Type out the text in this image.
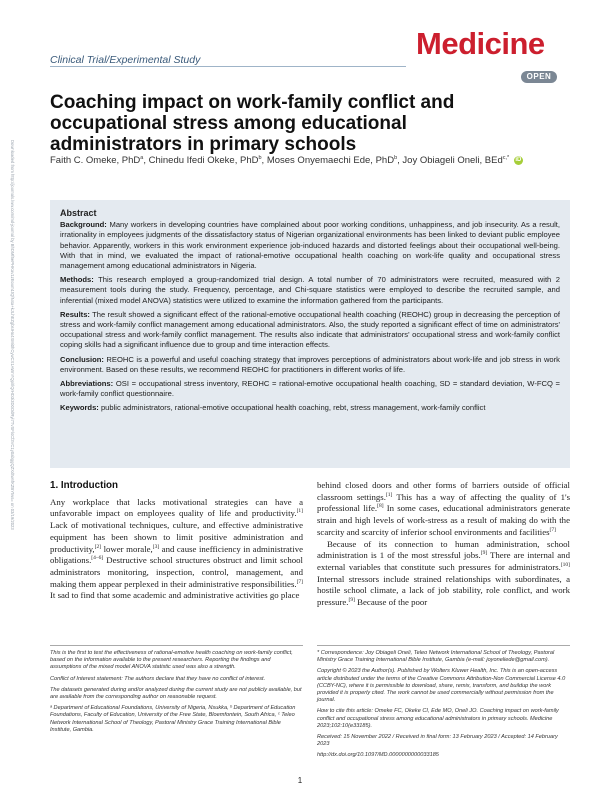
Downloaded from http://journals.lww.com/md-journal by BhDMf5ePHKav1zEoum1tQfN4a+kJLhEZgbsIHo4XMi0hCywCX1AWnYQp/IlQrHD3i3D0OdRyi7TvSFl4Cf3VC1y0abggQZXdtwnfKZBYtws= on 03/19/2023
Clinical Trial/Experimental Study	Medicine
OPEN
Coaching impact on work-family conflict and occupational stress among educational administrators in primary schools
Faith C. Omeke, PhD$^a$, Chinedu Ifedi Okeke, PhD$^b$, Moses Onyemaechi Ede, PhD$^b$, Joy Obiageli Oneli, BEd$^{c,*}$ iD
Abstract

Background: Many workers in developing countries have complained about poor working conditions, unhappiness, and job insecurity. As a result, irrationality in employees judgments of the dissatisfactory status of Nigerian organizational environments has been linked to deviant public employee behavior. Apparently, workers in this work environment experience job-induced hazards and distorted feelings about their occupational well-being. With that in mind, we evaluated the impact of rational-emotive occupational health coaching on work-life quality and occupational stress management among educational administrators in Nigeria.

Methods: This research employed a group-randomized trial design. A total number of 70 administrators were recruited, measured with 2 measurement tools during the study. Frequency, percentage, and Chi-square statistics were employed to describe the recruited sample, and inferential (mixed model ANOVA) statistics were utilized to examine the information gathered from the participants.

Results: The result showed a significant effect of the rational-emotive occupational health coaching (REOHC) group in decreasing the perception of stress and work-family conflict management among educational administrators. Also, the study reported a significant effect of time on administrators' occupational stress and work-family conflict management. The results also indicate that administrators' occupational stress and work-family conflict coping skills had a significant influence due to group and time interaction effects.

Conclusion: REOHC is a powerful and useful coaching strategy that improves perceptions of administrators about work-life and job stress in work environment. Based on these results, we recommend REOHC for practitioners in different works of life.

Abbreviations: OSI = occupational stress inventory, REOHC = rational-emotive occupational health coaching, SD = standard deviation, W-FCQ = work-family conflict questionnaire.

Keywords: public administrators, rational-emotive occupational health coaching, rebt, stress management, work-family conflict

1. Introduction

Any workplace that lacks motivational strategies can have a unfavorable impact on employees quality of life and productivity.[1] Lack of motivational techniques, culture, and effective administrative equipment has been shown to limit positive administration and productivity,[2] lower morale,[3] and cause inefficiency in administrative obligations.[4–6] Destructive school structures obstruct and limit school administrators monitoring, inspection, control, management, and making them appear perplexed in their administrative responsibilities.[7] It sad to find that some academic and administrative activities go place

behind closed doors and other forms of barriers outside of official classroom settings.[1] This has a way of affecting the quality of 1's professional life.[8] In some cases, educational administrators generate strain and high levels of work-stress as a result of making do with the scarcity and scarcity of inferior school environments and facilities[7]

Because of its connection to human administration, school administration is 1 of the most stressful jobs.[9] There are internal and external variables that constitute such pressures for administrators.[10] Internal stressors include strained relationships with subordinates, a hostile school climate, a lack of job stability, role conflict, and work pressure.[9] Because of the poor

This is the first to test the effectiveness of rational-emotive health coaching on work-family conflict, based on the information available to the present researchers. Reporting the findings and assumptions of the mixed model ANOVA statistic used was also a strength.

Conflict of Interest statement: The authors declare that they have no conflict of interest.

The datasets generated during and/or analyzed during the current study are not publicly available, but are available from the corresponding author on reasonable request.

ᵃ Department of Educational Foundations, University of Nigeria, Nsukka, ᵇ Department of Education Foundations, Faculty of Education, University of the Free State, Bloemfontein, South Africa, ᶜ Teleo Network International School of Theology, Pastoral Ministry Grace Training International Bible Institute, Gambia.

* Correspondence: Joy Obiageli Oneli, Teleo Network International School of Theology, Pastoral Ministry Grace Training International Bible Institute, Gambia (e-mail: joyoneliede@gmail.com).

Copyright © 2023 the Author(s). Published by Wolters Kluwer Health, Inc. This is an open-access article distributed under the terms of the Creative Commons Attribution-Non Commercial License 4.0 (CCBY-NC), where it is permissible to download, share, remix, transform, and buildup the work provided it is properly cited. The work cannot be used commercially without permission from the journal.

How to cite this article: Omeke FC, Okeke CI, Ede MO, Oneli JO. Coaching impact on work-family conflict and occupational stress among educational administrators in primary schools. Medicine 2023;102:10(e33185).

Received: 15 November 2022 / Received in final form: 13 February 2023 / Accepted: 14 February 2023

http://dx.doi.org/10.1097/MD.0000000000033185

1
